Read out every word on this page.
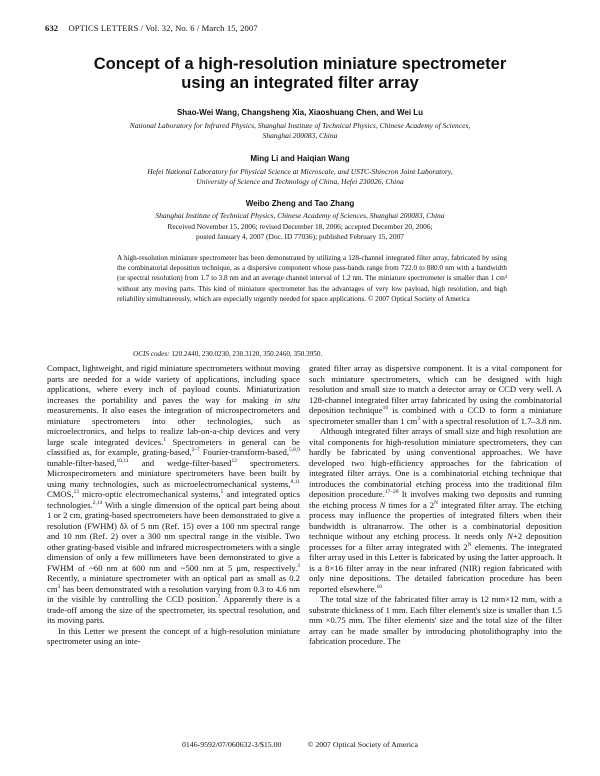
632 OPTICS LETTERS / Vol. 32, No. 6 / March 15, 2007
Concept of a high-resolution miniature spectrometer
using an integrated filter array
Shao-Wei Wang, Changsheng Xia, Xiaoshuang Chen, and Wei Lu
National Laboratory for Infrared Physics, Shanghai Institute of Technical Physics, Chinese Academy of Sciences,
Shanghai 200083, China
Ming Li and Haiqian Wang
Hefei National Laboratory for Physical Science at Microscale, and USTC-Shincron Joint Laboratory,
University of Science and Technology of China, Hefei 230026, China
Weibo Zheng and Tao Zhang
Shanghai Institute of Technical Physics, Chinese Academy of Sciences, Shanghai 200083, China
Received November 15, 2006; revised December 18, 2006; accepted December 20, 2006;
posted January 4, 2007 (Doc. ID 77036); published February 15, 2007
A high-resolution miniature spectrometer has been demonstrated by utilizing a 128-channel integrated filter array, fabricated by using the combinatorial deposition technique, as a dispersive component whose pass-bands range from 722.0 to 880.0 nm with a bandwidth (or spectral resolution) from 1.7 to 3.8 nm and an average channel interval of 1.2 nm. The miniature spectrometer is smaller than 1 cm³ without any moving parts. This kind of miniature spectrometer has the advantages of very low payload, high resolution, and high reliability simultaneously, which are especially urgently needed for space applications. © 2007 Optical Society of America
OCIS codes: 120.2440, 230.0230, 230.3120, 350.2460, 350.3950.

Compact, lightweight, and rigid miniature spectrometers without moving parts are needed for a wide variety of applications, including space applications, where every inch of payload counts. Miniaturization increases the portability and paves the way for making in situ measurements. It also eases the integration of microspectrometers and miniature spectrometers into other technologies, such as microelectronics, and helps to realize lab-on-a-chip devices and very large scale integrated devices.$^1$ Spectrometers in general can be classified as, for example, grating-based,$^{2-7}$ Fourier-transform-based,$^{5,8,9}$ tunable-filter-based,$^{10,11}$ and wedge-filter-based$^{12}$ spectrometers. Microspectrometers and miniature spectrometers have been built by using many technologies, such as microelectromechanical systems,$^{8,11}$ CMOS,$^{13}$ micro-optic electromechanical systems,$^5$ and integrated optics technologies.$^{2,14}$ With a single dimension of the optical part being about 1 or 2 cm, grating-based spectrometers have been demonstrated to give a resolution (FWHM) δλ of 5 nm (Ref. 15) over a 100 nm spectral range and 10 nm (Ref. 2) over a 300 nm spectral range in the visible. Two other grating-based visible and infrared microspectrometers with a single dimension of only a few millimeters have been demonstrated to give a FWHM of ~60 nm at 600 nm and ~500 nm at 5 μm, respectively.$^3$ Recently, a miniature spectrometer with an optical part as small as 0.2 $cm^3$ has been demonstrated with a resolution varying from 0.3 to 4.6 nm in the visible by controlling the CCD position.$^7$ Apparently there is a trade-off among the size of the spectrometer, its spectral resolution, and its moving parts.

In this Letter we present the concept of a high-resolution miniature spectrometer using an inte-

grated filter array as dispersive component. It is a vital component for such miniature spectrometers, which can be designed with high resolution and small size to match a detector array or CCD very well. A 128-channel integrated filter array fabricated by using the combinatorial deposition technique$^{16}$ is combined with a CCD to form a miniature spectrometer smaller than 1 $cm^3$ with a spectral resolution of 1.7–3.8 nm.

Although integrated filter arrays of small size and high resolution are vital components for high-resolution miniature spectrometers, they can hardly be fabricated by using conventional approaches. We have developed two high-efficiency approaches for the fabrication of integrated filter arrays. One is a combinatorial etching technique that introduces the combinatorial etching process into the traditional film deposition procedure.$^{17-20}$ It involves making two deposits and running the etching process N times for a $2^N$ integrated filter array. The etching process may influence the properties of integrated filters when their bandwidth is ultranarrow. The other is a combinatorial deposition technique without any etching process. It needs only N+2 deposition processes for a filter array integrated with $2^N$ elements. The integrated filter array used in this Letter is fabricated by using the latter approach. It is a 8×16 filter array in the near infrared (NIR) region fabricated with only nine depositions. The detailed fabrication procedure has been reported elsewhere.$^{16}$

The total size of the fabricated filter array is 12 mm×12 mm, with a substrate thickness of 1 mm. Each filter element's size is smaller than 1.5 mm ×0.75 mm. The filter elements' size and the total size of the filter array can be made smaller by introducing photolithography into the fabrication procedure. The

0146-9592/07/060632-3/$15.00	© 2007 Optical Society of America
